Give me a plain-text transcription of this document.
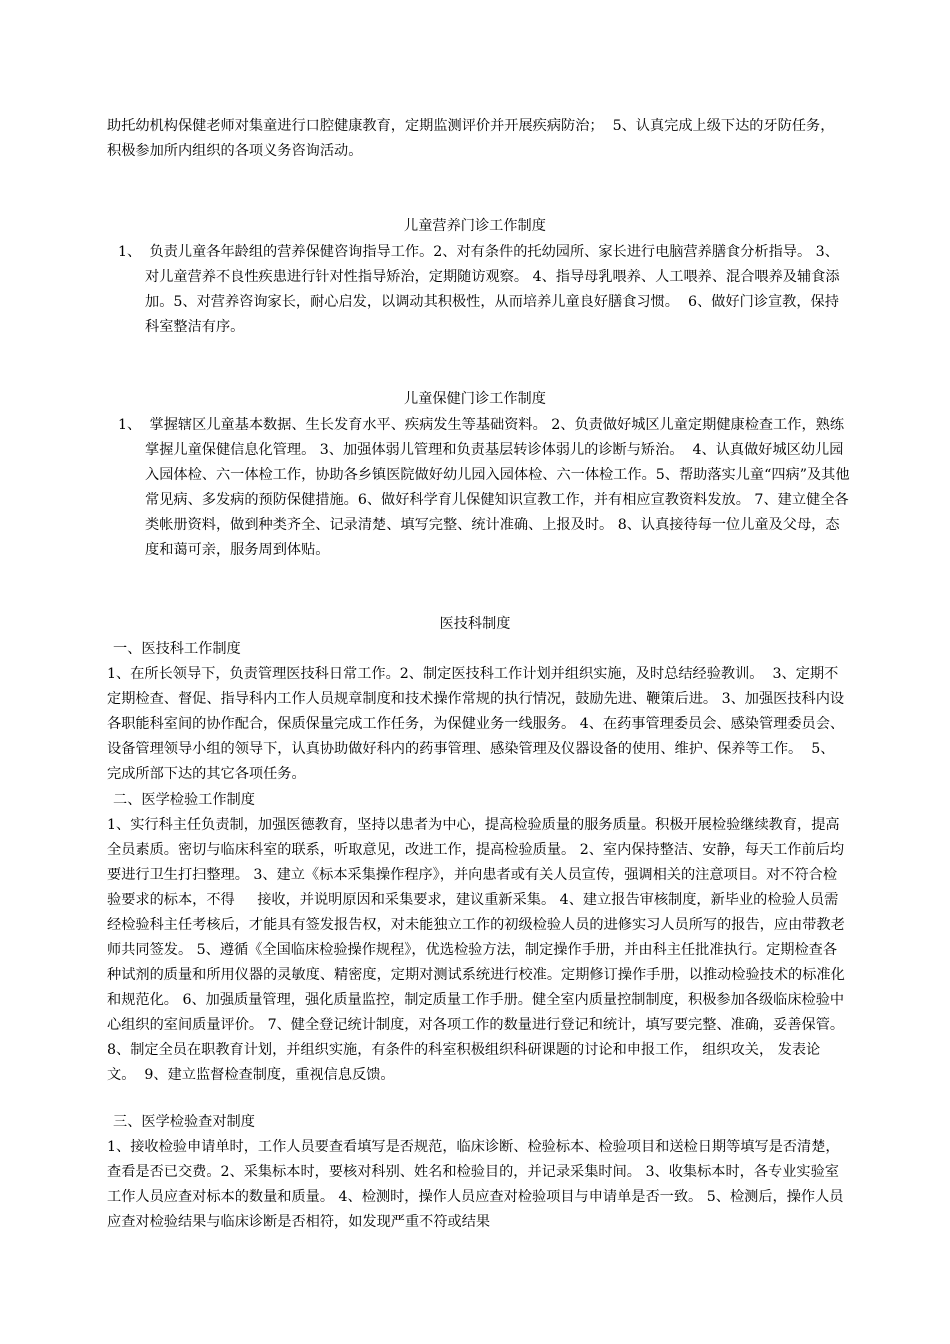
助托幼机构保健老师对集童进行口腔健康教育，定期监测评价并开展疾病防治；  5、认真完成上级下达的牙防任务，积极参加所内组织的各项义务咨询活动。

儿童营养门诊工作制度

1、 负责儿童各年龄组的营养保健咨询指导工作。2、对有条件的托幼园所、家长进行电脑营养膳食分析指导。 3、对儿童营养不良性疾患进行针对性指导矫治，定期随访观察。 4、指导母乳喂养、人工喂养、混合喂养及辅食添加。5、对营养咨询家长，耐心启发，以调动其积极性，从而培养儿童良好膳食习惯。  6、做好门诊宣教，保持科室整洁有序。

儿童保健门诊工作制度

1、 掌握辖区儿童基本数据、生长发育水平、疾病发生等基础资料。 2、负责做好城区儿童定期健康检查工作，熟练掌握儿童保健信息化管理。 3、加强体弱儿管理和负责基层转诊体弱儿的诊断与矫治。  4、认真做好城区幼儿园入园体检、六一体检工作，协助各乡镇医院做好幼儿园入园体检、六一体检工作。5、帮助落实儿童“四病”及其他常见病、多发病的预防保健措施。6、做好科学育儿保健知识宣教工作，并有相应宣教资料发放。 7、建立健全各类帐册资料，做到种类齐全、记录清楚、填写完整、统计准确、上报及时。 8、认真接待每一位儿童及父母，态度和蔼可亲，服务周到体贴。

医技科制度

一、医技科工作制度

1、在所长领导下，负责管理医技科日常工作。2、制定医技科工作计划并组织实施，及时总结经验教训。  3、定期不定期检查、督促、指导科内工作人员规章制度和技术操作常规的执行情况，鼓励先进、鞭策后进。 3、加强医技科内设各职能科室间的协作配合，保质保量完成工作任务，为保健业务一线服务。 4、在药事管理委员会、感染管理委员会、设备管理领导小组的领导下，认真协助做好科内的药事管理、感染管理及仪器设备的使用、维护、保养等工作。  5、完成所部下达的其它各项任务。

二、医学检验工作制度

1、实行科主任负责制，加强医德教育，坚持以患者为中心，提高检验质量的服务质量。积极开展检验继续教育，提高全员素质。密切与临床科室的联系，听取意见，改进工作，提高检验质量。 2、室内保持整洁、安静，每天工作前后均要进行卫生打扫整理。 3、建立《标本采集操作程序》，并向患者或有关人员宣传，强调相关的注意项目。对不符合检验要求的标本，不得     接收，并说明原因和采集要求，建议重新采集。 4、建立报告审核制度，新毕业的检验人员需经检验科主任考核后，才能具有签发报告权，对未能独立工作的初级检验人员的进修实习人员所写的报告，应由带教老师共同签发。 5、遵循《全国临床检验操作规程》，优选检验方法，制定操作手册，并由科主任批准执行。定期检查各种试剂的质量和所用仪器的灵敏度、精密度，定期对测试系统进行校准。定期修订操作手册，以推动检验技术的标准化和规范化。 6、加强质量管理，强化质量监控，制定质量工作手册。健全室内质量控制制度，积极参加各级临床检验中心组织的室间质量评价。 7、健全登记统计制度，对各项工作的数量进行登记和统计，填写要完整、准确，妥善保管。 8、制定全员在职教育计划，并组织实施，有条件的科室积极组织科研课题的讨论和申报工作， 组织攻关， 发表论文。  9、建立监督检查制度，重视信息反馈。

三、医学检验查对制度

1、接收检验申请单时，工作人员要查看填写是否规范，临床诊断、检验标本、检验项目和送检日期等填写是否清楚，查看是否已交费。2、采集标本时，要核对科别、姓名和检验目的，并记录采集时间。 3、收集标本时，各专业实验室工作人员应查对标本的数量和质量。 4、检测时，操作人员应查对检验项目与申请单是否一致。 5、检测后，操作人员应查对检验结果与临床诊断是否相符，如发现严重不符或结果
